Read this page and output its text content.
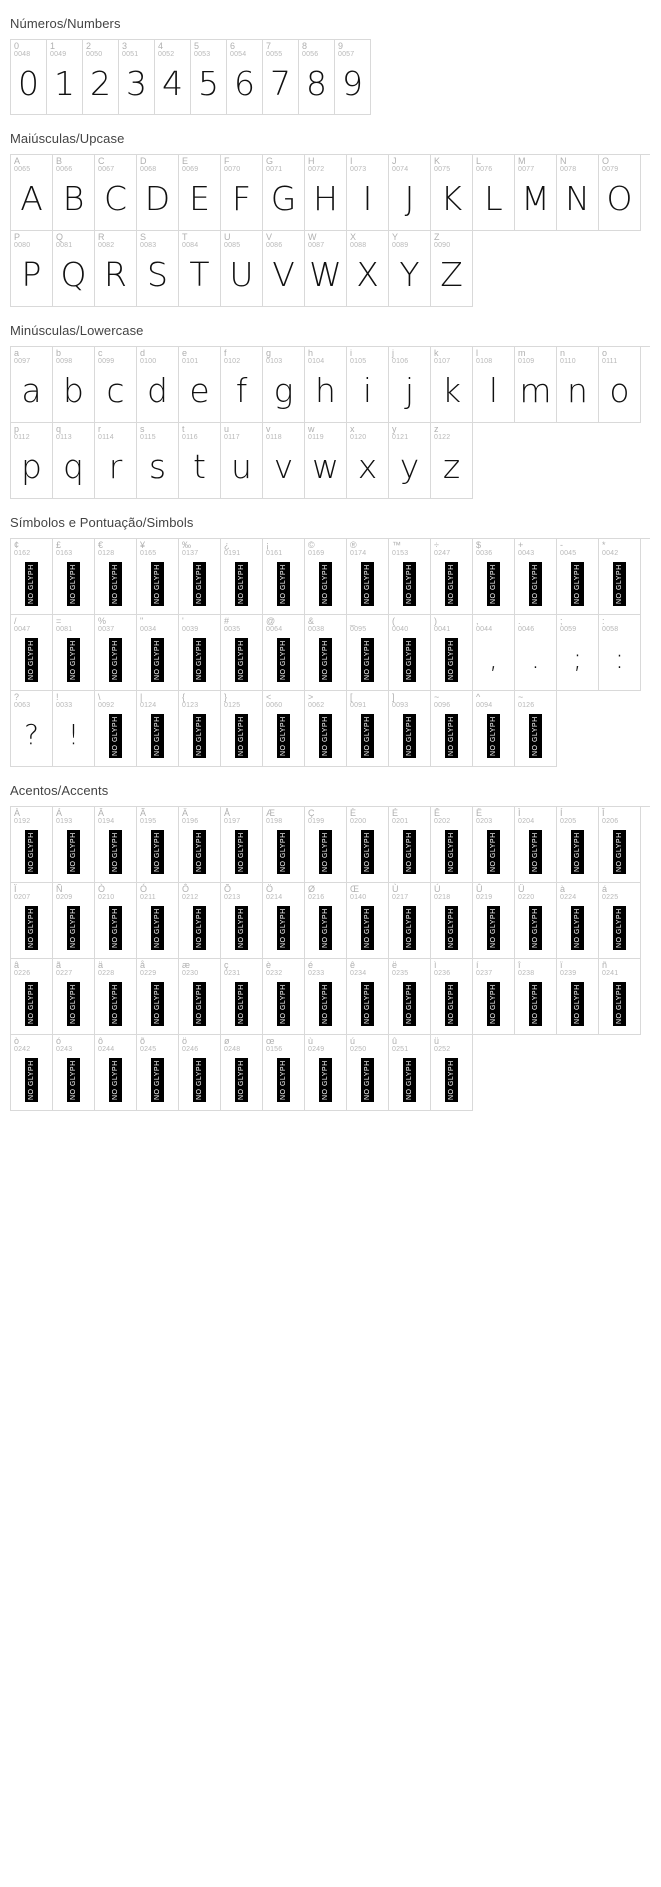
Números/Numbers
0
0048
0
1
0049
1
2
0050
2
3
0051
3
4
0052
4
5
0053
5
6
0054
6
7
0055
7
8
0056
8
9
0057
9
Maiúsculas/Upcase
A
0065
A
B
0066
B
C
0067
C
D
0068
D
E
0069
E
F
0070
F
G
0071
G
H
0072
H
I
0073
I
J
0074
J
K
0075
K
L
0076
L
M
0077
M
N
0078
N
O
0079
O
P
0080
P
Q
0081
Q
R
0082
R
S
0083
S
T
0084
T
U
0085
U
V
0086
V
W
0087
W
X
0088
X
Y
0089
Y
Z
0090
Z
Minúsculas/Lowercase
a
0097
a
b
0098
b
c
0099
c
d
0100
d
e
0101
e
f
0102
f
g
0103
g
h
0104
h
i
0105
i
j
0106
j
k
0107
k
l
0108
l
m
0109
m
n
0110
n
o
0111
o
p
0112
p
q
0113
q
r
0114
r
s
0115
s
t
0116
t
u
0117
u
v
0118
v
w
0119
w
x
0120
x
y
0121
y
z
0122
z
Símbolos e Pontuação/Simbols
¢
0162
NO GLYPH
£
0163
NO GLYPH
€
0128
NO GLYPH
¥
0165
NO GLYPH
‰
0137
NO GLYPH
¿
0191
NO GLYPH
¡
0161
NO GLYPH
©
0169
NO GLYPH
®
0174
NO GLYPH
™
0153
NO GLYPH
÷
0247
NO GLYPH
$
0036
NO GLYPH
+
0043
NO GLYPH
-
0045
NO GLYPH
*
0042
NO GLYPH
/
0047
NO GLYPH
=
0081
NO GLYPH
%
0037
NO GLYPH
"
0034
NO GLYPH
'
0039
NO GLYPH
#
0035
NO GLYPH
@
0064
NO GLYPH
&
0038
NO GLYPH
_
0095
NO GLYPH
(
0040
NO GLYPH
)
0041
NO GLYPH
,
0044
,
.
0046
.
;
0059
;
:
0058
:
?
0063
?
!
0033
!
\
0092
NO GLYPH
|
0124
NO GLYPH
{
0123
NO GLYPH
}
0125
NO GLYPH
<
0060
NO GLYPH
>
0062
NO GLYPH
[
0091
NO GLYPH
]
0093
NO GLYPH
~
0096
NO GLYPH
^
0094
NO GLYPH
~
0126
NO GLYPH
Acentos/Accents
À
0192
NO GLYPH
Á
0193
NO GLYPH
Â
0194
NO GLYPH
Ã
0195
NO GLYPH
Ä
0196
NO GLYPH
Å
0197
NO GLYPH
Æ
0198
NO GLYPH
Ç
0199
NO GLYPH
È
0200
NO GLYPH
É
0201
NO GLYPH
Ê
0202
NO GLYPH
Ë
0203
NO GLYPH
Ì
0204
NO GLYPH
Í
0205
NO GLYPH
Î
0206
NO GLYPH
Ï
0207
NO GLYPH
Ñ
0209
NO GLYPH
Ò
0210
NO GLYPH
Ó
0211
NO GLYPH
Ô
0212
NO GLYPH
Õ
0213
NO GLYPH
Ö
0214
NO GLYPH
Ø
0216
NO GLYPH
Œ
0140
NO GLYPH
Ù
0217
NO GLYPH
Ú
0218
NO GLYPH
Û
0219
NO GLYPH
Ü
0220
NO GLYPH
à
0224
NO GLYPH
á
0225
NO GLYPH
â
0226
NO GLYPH
ã
0227
NO GLYPH
ä
0228
NO GLYPH
å
0229
NO GLYPH
æ
0230
NO GLYPH
ç
0231
NO GLYPH
è
0232
NO GLYPH
é
0233
NO GLYPH
ê
0234
NO GLYPH
ë
0235
NO GLYPH
ì
0236
NO GLYPH
í
0237
NO GLYPH
î
0238
NO GLYPH
ï
0239
NO GLYPH
ñ
0241
NO GLYPH
ò
0242
NO GLYPH
ó
0243
NO GLYPH
ô
0244
NO GLYPH
õ
0245
NO GLYPH
ö
0246
NO GLYPH
ø
0248
NO GLYPH
œ
0156
NO GLYPH
ù
0249
NO GLYPH
ú
0250
NO GLYPH
û
0251
NO GLYPH
ü
0252
NO GLYPH
